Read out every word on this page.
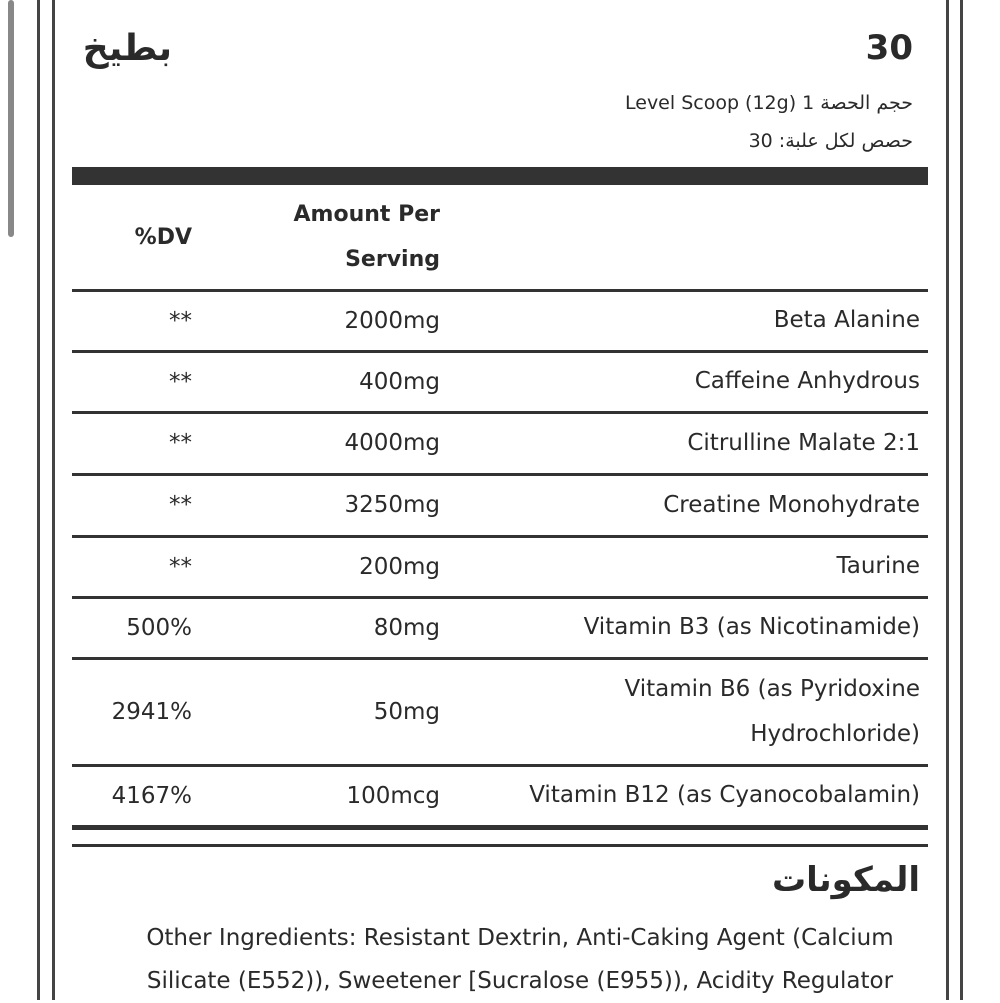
بطيخ	30
حجم الحصة 1 Level Scoop (12g)
حصص لكل علبة: 30
%DV
Amount Per
Serving
Beta Alanine
2000mg
**
Caffeine Anhydrous
400mg
**
Citrulline Malate 2:1
4000mg
**
Creatine Monohydrate
3250mg
**
Taurine
200mg
**
Vitamin B3 (as Nicotinamide)
80mg
500%
Vitamin B6 (as Pyridoxine Hydrochloride)
50mg
2941%
Vitamin B12 (as Cyanocobalamin)
100mcg
4167%
المكونات
Other Ingredients: Resistant Dextrin, Anti-Caking Agent (Calcium Silicate (E552)), Sweetener [Sucralose (E955)), Acidity Regulator
